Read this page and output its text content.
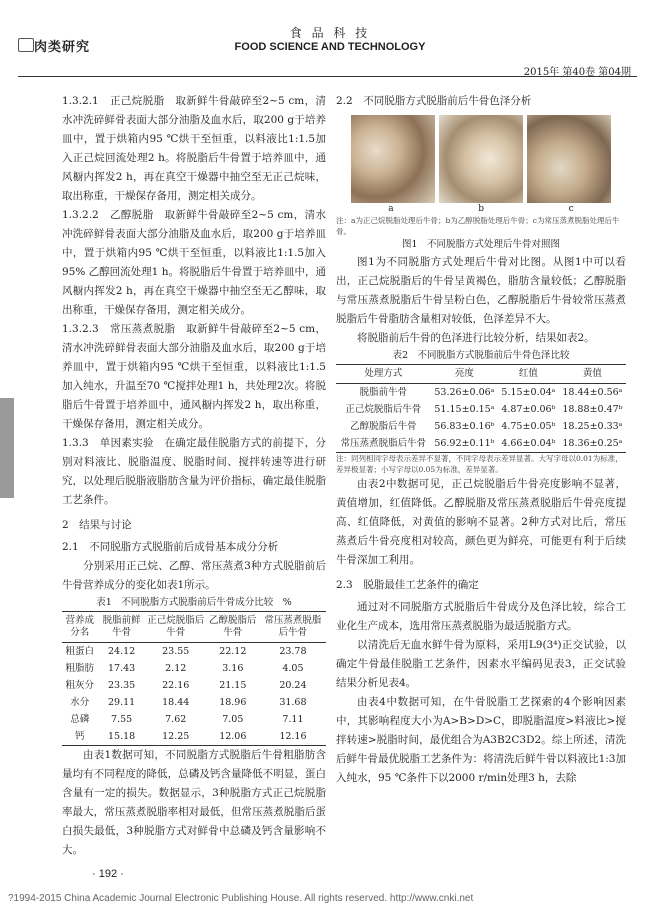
肉类研究
食 品 科 技
FOOD SCIENCE AND TECHNOLOGY
2015年 第40卷 第04期

1.3.2.1　正己烷脱脂　取新鲜牛骨敲碎至2~5 cm，清水冲洗碎鲜骨表面大部分油脂及血水后，取200 g于培养皿中，置于烘箱内95 ℃烘干至恒重，以料液比1:1.5加入正己烷回流处理2 h。将脱脂后牛骨置于培养皿中，通风橱内挥发2 h，再在真空干燥器中抽空至无正己烷味，取出称重，干燥保存备用，测定相关成分。

1.3.2.2　乙醇脱脂　取新鲜牛骨敲碎至2~5 cm，清水冲洗碎鲜骨表面大部分油脂及血水后，取200 g于培养皿中，置于烘箱内95 ℃烘干至恒重，以料液比1:1.5加入95% 乙醇回流处理1 h。将脱脂后牛骨置于培养皿中，通风橱内挥发2 h，再在真空干燥器中抽空至无乙醇味，取出称重，干燥保存备用，测定相关成分。

1.3.2.3　常压蒸煮脱脂　取新鲜牛骨敲碎至2~5 cm，清水冲洗碎鲜骨表面大部分油脂及血水后，取200 g于培养皿中，置于烘箱内95 ℃烘干至恒重，以料液比1:1.5加入纯水，升温至70 ℃搅拌处理1 h，共处理2次。将脱脂后牛骨置于培养皿中，通风橱内挥发2 h，取出称重，干燥保存备用，测定相关成分。

1.3.3　单因素实验　在确定最佳脱脂方式的前提下，分别对料液比、脱脂温度、脱脂时间、搅拌转速等进行研究，以处理后脱脂液脂肪含量为评价指标，确定最佳脱脂工艺条件。

2　结果与讨论

2.1　不同脱脂方式脱脂前后成骨基本成分分析

分别采用正己烷、乙醇、常压蒸煮3种方式脱脂前后牛骨营养成分的变化如表1所示。

表1　不同脱脂方式脱脂前后牛骨成分比较　%
营养成分名	脱脂前鲜牛骨	正己烷脱脂后牛骨	乙醇脱脂后牛骨	常压蒸煮脱脂后牛骨
粗蛋白	24.12	23.55	22.12	23.78
粗脂肪	17.43	2.12	3.16	4.05
粗灰分	23.35	22.16	21.15	20.24
水分	29.11	18.44	18.96	31.68
总磷	7.55	7.62	7.05	7.11
钙	15.18	12.25	12.06	12.16

由表1数据可知，不同脱脂方式脱脂后牛骨粗脂肪含量均有不同程度的降低，总磷及钙含量降低不明显，蛋白含量有一定的损失。数据显示，3种脱脂方式正己烷脱脂率最大，常压蒸煮脱脂率相对最低，但常压蒸煮脱脂后蛋白损失最低，3种脱脂方式对鲜骨中总磷及钙含量影响不大。

2.2　不同脱脂方式脱脂前后牛骨色泽分析

a	b	c
注：a为正己烷脱脂处理后牛骨；b为乙醇脱脂处理后牛骨；c为常压蒸煮脱脂处理后牛骨。
图1　不同脱脂方式处理后牛骨对照图

图1为不同脱脂方式处理后牛骨对比图。从图1中可以看出，正己烷脱脂后的牛骨呈黄褐色，脂肪含量较低；乙醇脱脂与常压蒸煮脱脂后牛骨呈粉白色，乙醇脱脂后牛骨较常压蒸煮脱脂后牛骨脂肪含量相对较低，色泽差异不大。

将脱脂前后牛骨的色泽进行比较分析，结果如表2。

表2　不同脱脂方式脱脂前后牛骨色泽比较
处理方式	亮度	红值	黄值
脱脂前牛骨	53.26±0.06ᵃ	5.15±0.04ᵃ	18.44±0.56ᵃ
正己烷脱脂后牛骨	51.15±0.15ᵃ	4.87±0.06ᵇ	18.88±0.47ᵇ
乙醇脱脂后牛骨	56.83±0.16ᵇ	4.75±0.05ᵇ	18.25±0.33ᵃ
常压蒸煮脱脂后牛骨	56.92±0.11ᵇ	4.66±0.04ᵇ	18.36±0.25ᵃ
注：同列相同字母表示差异不显著，不同字母表示差异显著。大写字母以0.01为标准，差异极显著；小写字母以0.05为标准，差异显著。

由表2中数据可见，正己烷脱脂后牛骨亮度影响不显著，黄值增加，红值降低。乙醇脱脂及常压蒸煮脱脂后牛骨亮度提高、红值降低，对黄值的影响不显著。2种方式对比后，常压蒸煮后牛骨亮度相对较高，颜色更为鲜亮，可能更有利于后续牛骨深加工利用。

2.3　脱脂最佳工艺条件的确定

通过对不同脱脂方式脱脂后牛骨成分及色泽比较，综合工业化生产成本，选用常压蒸煮脱脂为最适脱脂方式。

以清洗后无血水鲜牛骨为原料，采用L9(3⁴)正交试验，以确定牛骨最佳脱脂工艺条件，因素水平编码见表3，正交试验结果分析见表4。

由表4中数据可知，在牛骨脱脂工艺探索的4个影响因素中，其影响程度大小为A>B>D>C，即脱脂温度>料液比>搅拌转速>脱脂时间，最优组合为A3B2C3D2。综上所述，清洗后鲜牛骨最优脱脂工艺条件为：将清洗后鲜牛骨以料液比1:3加入纯水，95 ℃条件下以2000 r/min处理3 h，去除

· 192 ·
?1994-2015 China Academic Journal Electronic Publishing House. All rights reserved. http://www.cnki.net
